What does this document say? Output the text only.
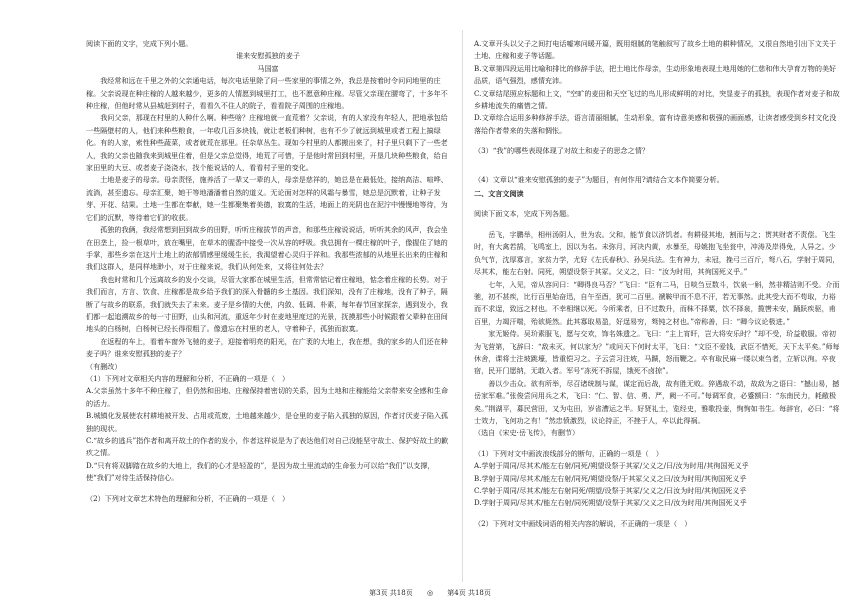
阅读下面的文字，完成下列小题。

谁来安慰孤独的麦子

马国富

我经常和远在千里之外的父亲通电话，每次电话里除了问一些家里的事情之外，我总是按着时令问问地里的庄稼。父亲说现在种庄稼的人越来越少，更多的人情愿到城里打工，也不愿意种庄稼。尽管父亲现在腰弯了，十多年不种庄稼，但他时常从县城赶到村子，看看久不住人的院子，看看院子周围的庄稼地。

我问父亲，那现在村里的人种什么啊。种些啥？庄稼地就一直荒着？父亲说，有的人家没有年轻人，把地承包给一些隔壁村的人，他们来种些粮食，一年收几百多块钱，就让老板们种树，也有不少了就远到城里或者工程上搞绿化。有的人家，索性种些蔬菜，或者就荒在那里。任杂草丛生。现如今村里的人都搬出来了，村子里只剩下了一些老人，我的父亲也随我来到城里住着，但是父亲总觉得，地荒了可惜，于是他时常回到村里，开垦几块种些粮食，给自家田里的大豆、或者麦子浇浇水，找个能说话的人，看看村子里的变化。

土地是麦子的母亲。母亲责怪，施养活了一辈又一辈的人，母亲是慈祥的，她总是在最低处，接纳高洁、喧哗、流淌，甚至遗忘。母亲汇聚，她干等地潘潘着自然的道义。无论面对怎样的风霜与暴雪，她总是沉默着，让种子发芽、开花、结果。土地一生都在奉献，她一生都聚集着美德，寂寞的生活，地面上的光阴也在泥泞中慢慢地等待，为它们的沉默，等待着它们的收获。

孤独的我俩，我经常想到回到故乡的田野，听听庄稼拔节的声音，和那些庄稼说说话，听听其余的风声，我会坐在田垄上，捡一根草叶，放在嘴里，在草木的腥香中接受一次从容的呼吸。我总拥有一棵庄稼的叶子，像握住了她的手掌，那些乡亲在这片土地上的浓郁情感里缓缓生长，我渴望着心灵归于祥和。我那些浓郁的从地里长出来的庄稼和我们这群人，是同样地渺小，对于庄稼来说，我们从何处来，又将往何处去？

我也时常和几个远离故乡的发小交谈，尽管大家都在城里生活，但常常惦记着庄稼地，惦念着庄稼的长势。对于我们而言，方言、饮食、庄稼都是故乡给予我们的深入骨髓的乡土基因。我们深知，没有了庄稼地，没有了种子，隔断了与故乡的联系，我们就失去了未来。麦子是乡情的大使，内敛、低调、朴素，每年春节回家探亲，遇到发小，我们都一起追溯故乡的每一寸田野，山头和河流，重返年少时在麦地里度过的光景，抚摸那些小时候跟着父辈种在田间地头的白杨树，白杨树已经长得很粗了。像遗忘在村里的老人，守着种子，孤独而寂寞。

在返程的车上，看着车窗外飞驰的麦子，迎接着明亮的阳光，在广袤的大地上，我在想，我的家乡的人们还在种麦子吗？谁来安慰孤独的麦子？

（有删改）

（1）下列对文章相关内容的理解和分析，不正确的一项是（　）

A.父亲虽然十多年不种庄稼了，但仍然和田地、庄稼保持着密切的关系，因为土地和庄稼能给父亲带来安全感和生命的活力。

B.城镇化发展使农村耕地被开发、占用或荒废，土地越来越少，是仓里的麦子陷入孤独的原因，作者讨厌麦子陷入孤独的现状。

C.“故乡的逃兵”指作者和离开故土的作者的发小，作者这样说是为了表达他们对自己没能坚守故土、保护好故土的歉疚之情。

D.“只有将双脚踏在故乡的大地上，我们的心才是轻盈的”，是因为故土里流动的生命张力可以给“我们”以支撑，使“我们”对待生活保持信心。

（2）下列对文章艺术特色的理解和分析，不正确的一项是（　）

A.文章开头以父子之间打电话嘘寒问暖开篇，既用细腻的笔触叙写了故乡土地的耕种情况，又很自然地引出下文关于土地、庄稼和麦子等话题。

B.文章第四段运用比喻和排比的修辞手法，把土地比作母亲，生动形象地表现土地用她的仁慈和伟大孕育万物的美好品质，语气强烈，感情充沛。

C.文章结尾照应标题和上文，“空旷的麦田和天空飞过的鸟儿形成鲜明的对比，突显麦子的孤独，表现作者对麦子和故乡耕地流失的痛惜之情。

D.文章综合运用多种修辞手法，语言清丽细腻，生动形象，富有诗意美感和极强的画面感，让读者感受到乡村文化没落给作者带来的失落和惆怅。

（3）“我”的哪些表现体现了对故土和麦子的思念之情？

（4）文章以“谁来安慰孤独的麦子”为题目，有何作用?请结合文本作简要分析。

二、文言文阅读

阅读下面文本，完成下列各题。

岳飞，字鹏举，相州汤阴人，世为农。父和，能节食以济饥者。有耕侵其地，割而与之；贳其财者不责偿。飞生时，有大禽若鹄，飞鸣室上，因以为名。未弥月，河决内黄，水暴至，母姚抱飞坐瓮中，冲涛及岸得免，人异之。少负气节，沈厚寡言，家贫力学，尤好《左氏春秋》、孙吴兵法。生有神力，未冠，挽弓三百斤，弩八石，学射于周同，尽其术，能左右射。同死，朔望设祭于其冢。父义之，曰：“汝为时用，其徇国死义乎。”

七年，入见，帝从容问曰：“卿得良马否？”飞曰：“臣有二马，日啖刍豆数斗，饮泉一斛，然非精洁则不受。介而驰，初不甚疾，比行百里始奋迅，自午至酉，犹可二百里。褫鞍甲而不息不汗，若无事然。此其受大而不苟取，力裕而不求逞，致远之材也。不幸相继以死。今所乘者，日不过数升，而秣不择粟，饮不择泉，揽辔未安，踊跃疾驱，甫百里，力竭汗喘，殆欲毙然。此其寡取易盈，好逞易穷，驽钝之材也。”帝称善，曰：“卿今议论极进。”

家无姬侍。吴玠素服飞，愿与交欢，饰名姝遗之。飞曰：“主上宵旰，岂大将安乐时？”却不受，玠益敬服。帝初为飞营第，飞辞曰：“敌未灭，何以家为？”或问天下何时太平，飞曰：“文臣不爱钱，武臣不惜死，天下太平矣。”师每休舍，课将士注坡跳壕，皆重铠习之。子云尝习注坡，马踬，怒而鞭之。卒有取民麻一缕以束刍者，立斩以徇。卒夜宿，民开门愿纳，无敢入者。军号“冻死不拆屋，饿死不卤掠”。

善以少击众。欲有所举，尽召诸统制与谋，谋定而后战，故有胜无败。猝遇敌不动，故敌为之语曰：“撼山易，撼岳家军难。”张俊尝问用兵之术，飞曰：“仁、智、信、勇、严，阙一不可。”每调军食，必蹙额曰：“东南民力，耗敝极矣。”荆湖平，募民营田，又为屯田，岁省漕运之半。好贤礼士，览经史，雅歌投壶，恂恂如书生。每辞官，必曰：“将士效力，飞何功之有！”然忠愤激烈，议论持正，不挫于人，卒以此得祸。

（选自《宋史·岳飞传》，有删节）

（1）下列对文中画波浪线部分的断句，正确的一项是（　）

A.学射于周同/尽其术/能左右射/同死/朔望设祭于其冢/父义之/曰/汝为时用/其徇国死义乎

B.学射于周同/尽其术/能左右射/同死/朔望设祭/于其冢父义之曰/汝为时用/其徇国死义乎

C.学射于周同/尽其术/能左右射同死/朔望/设祭于其冢/父义之/曰汝为时用/其徇国死义乎

D.学射于周同/尽其术/能左右射/同死朔望/设祭于其冢/父义之曰/汝为时用/其徇国死义乎

（2）下列对文中画线词语的相关内容的解说，不正确的一项是（　）

第3页 共18页 ◎ 第4页 共18页
